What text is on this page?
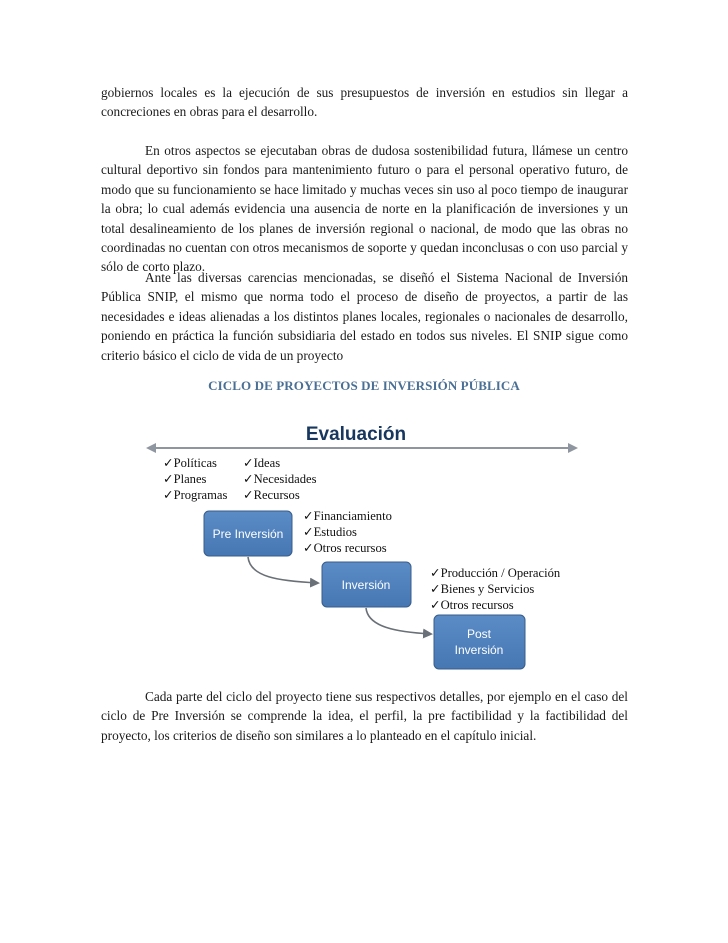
gobiernos locales es la ejecución de sus presupuestos de inversión en estudios sin llegar a concreciones en obras para el desarrollo.

En otros aspectos se ejecutaban obras de dudosa sostenibilidad futura, llámese un centro cultural deportivo sin fondos para mantenimiento futuro o para el personal operativo futuro, de modo que su funcionamiento se hace limitado y muchas veces sin uso al poco tiempo de inaugurar la obra; lo cual además evidencia una ausencia de norte en la planificación de inversiones y un total desalineamiento de los planes de inversión regional o nacional, de modo que las obras no coordinadas no cuentan con otros mecanismos de soporte y quedan inconclusas o con uso parcial y sólo de corto plazo.

Ante las diversas carencias mencionadas, se diseñó el Sistema Nacional de Inversión Pública SNIP, el mismo que norma todo el proceso de diseño de proyectos, a partir de las necesidades e ideas alienadas a los distintos planes locales, regionales o nacionales de desarrollo, poniendo en práctica la función subsidiaria del estado en todos sus niveles. El SNIP sigue como criterio básico el ciclo de vida de un proyecto

CICLO DE PROYECTOS DE INVERSIÓN PÚBLICA
Evaluación
✓Políticas
✓Planes
✓Programas
✓Ideas
✓Necesidades
✓Recursos
Pre Inversión
✓Financiamiento
✓Estudios
✓Otros recursos
Inversión
✓Producción / Operación
✓Bienes y Servicios
✓Otros recursos
Post
Inversión

Cada parte del ciclo del proyecto tiene sus respectivos detalles, por ejemplo en el caso del ciclo de Pre Inversión se comprende la idea, el perfil, la pre factibilidad y la factibilidad del proyecto, los criterios de diseño son similares a lo planteado en el capítulo inicial.
